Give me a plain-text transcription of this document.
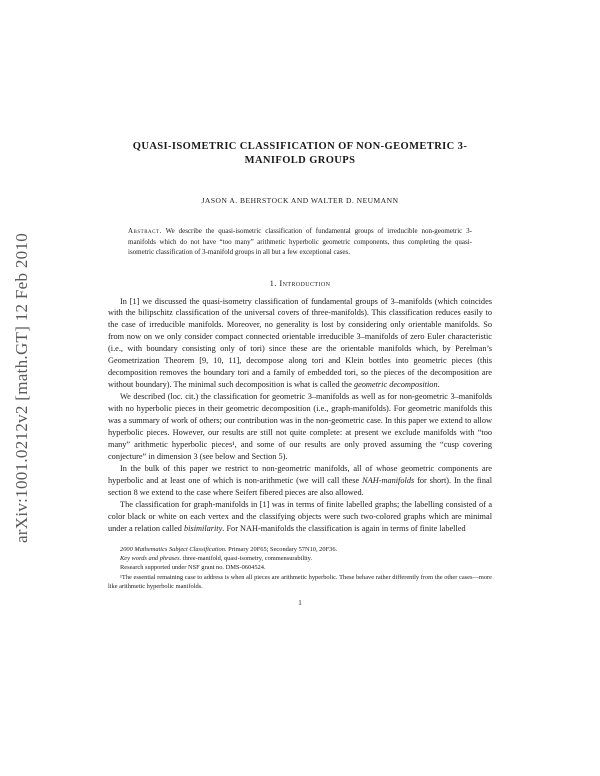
arXiv:1001.0212v2 [math.GT] 12 Feb 2010
QUASI-ISOMETRIC CLASSIFICATION OF NON-GEOMETRIC 3-MANIFOLD GROUPS
JASON A. BEHRSTOCK AND WALTER D. NEUMANN
Abstract. We describe the quasi-isometric classification of fundamental groups of irreducible non-geometric 3-manifolds which do not have “too many” arithmetic hyperbolic geometric components, thus completing the quasi-isometric classification of 3-manifold groups in all but a few exceptional cases.
1. Introduction

In [1] we discussed the quasi-isometry classification of fundamental groups of 3–manifolds (which coincides with the bilipschitz classification of the universal covers of three-manifolds). This classification reduces easily to the case of irreducible manifolds. Moreover, no generality is lost by considering only orientable manifolds. So from now on we only consider compact connected orientable irreducible 3–manifolds of zero Euler characteristic (i.e., with boundary consisting only of tori) since these are the orientable manifolds which, by Perelman’s Geometrization Theorem [9, 10, 11], decompose along tori and Klein bottles into geometric pieces (this decomposition removes the boundary tori and a family of embedded tori, so the pieces of the decomposition are without boundary). The minimal such decomposition is what is called the geometric decomposition.

We described (loc. cit.) the classification for geometric 3–manifolds as well as for non-geometric 3–manifolds with no hyperbolic pieces in their geometric decomposition (i.e., graph-manifolds). For geometric manifolds this was a summary of work of others; our contribution was in the non-geometric case. In this paper we extend to allow hyperbolic pieces. However, our results are still not quite complete: at present we exclude manifolds with “too many” arithmetic hyperbolic pieces¹, and some of our results are only proved assuming the “cusp covering conjecture” in dimension 3 (see below and Section 5).

In the bulk of this paper we restrict to non-geometric manifolds, all of whose geometric components are hyperbolic and at least one of which is non-arithmetic (we will call these NAH-manifolds for short). In the final section 8 we extend to the case where Seifert fibered pieces are also allowed.

The classification for graph-manifolds in [1] was in terms of finite labelled graphs; the labelling consisted of a color black or white on each vertex and the classifying objects were such two-colored graphs which are minimal under a relation called bisimilarity. For NAH-manifolds the classification is again in terms of finite labelled

2000 Mathematics Subject Classification. Primary 20F65; Secondary 57N10, 20F36.

Key words and phrases. three-manifold, quasi-isometry, commensurability.

Research supported under NSF grant no. DMS-0604524.

¹The essential remaining case to address is when all pieces are arithmetic hyperbolic. These behave rather differently from the other cases—more like arithmetic hyperbolic manifolds.

1
